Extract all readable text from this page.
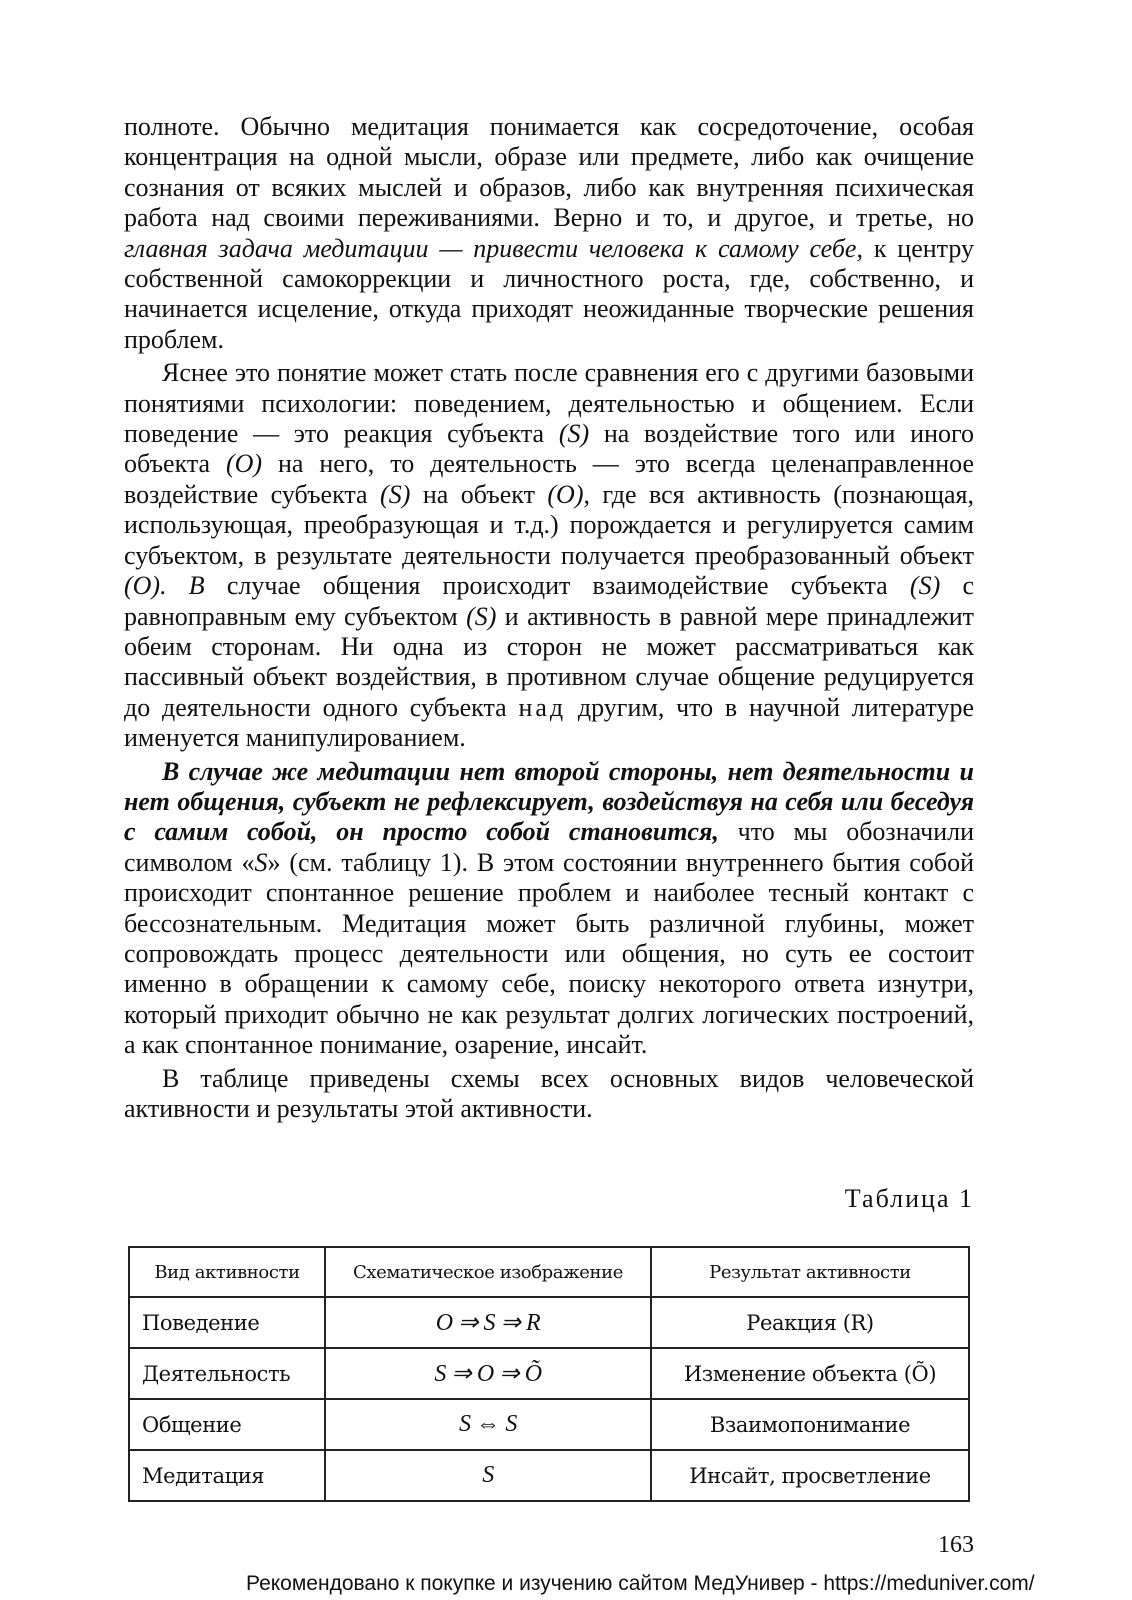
полноте. Обычно медитация понимается как сосредоточение, особая концентрация на одной мысли, образе или предмете, либо как очищение сознания от всяких мыслей и образов, либо как внутренняя психическая работа над своими переживаниями. Верно и то, и другое, и третье, но главная задача медитации — привести человека к самому себе, к центру собственной самокоррекции и личностного роста, где, собственно, и начинается исцеление, откуда приходят неожиданные творческие решения проблем.

Яснее это понятие может стать после сравнения его с другими базовыми понятиями психологии: поведением, деятельностью и общением. Если поведение — это реакция субъекта (S) на воздействие того или иного объекта (O) на него, то деятельность — это всегда целенаправленное воздействие субъекта (S) на объект (O), где вся активность (познающая, использующая, преобразующая и т.д.) порождается и регулируется самим субъектом, в результате деятельности получается преобразованный объект (O). В случае общения происходит взаимодействие субъекта (S) с равноправным ему субъектом (S) и активность в равной мере принадлежит обеим сторонам. Ни одна из сторон не может рассматриваться как пассивный объект воздействия, в противном случае общение редуцируется до деятельности одного субъекта над другим, что в научной литературе именуется манипулированием.

В случае же медитации нет второй стороны, нет деятельности и нет общения, субъект не рефлексирует, воздействуя на себя или беседуя с самим собой, он просто собой становится, что мы обозначили символом «S» (см. таблицу 1). В этом состоянии внутреннего бытия собой происходит спонтанное решение проблем и наиболее тесный контакт с бессознательным. Медитация может быть различной глубины, может сопровождать процесс деятельности или общения, но суть ее состоит именно в обращении к самому себе, поиску некоторого ответа изнутри, который приходит обычно не как результат долгих логических построений, а как спонтанное понимание, озарение, инсайт.

В таблице приведены схемы всех основных видов человеческой активности и результаты этой активности.

Таблица 1
Вид активности	Схематическое изображение	Результат активности
Поведение	O ⇒ S ⇒ R	Реакция (R)
Деятельность	S ⇒ O ⇒ Õ	Изменение объекта (Õ)
Общение	S ⇔ S	Взаимопонимание
Медитация	S	Инсайт, просветление
163
Рекомендовано к покупке и изучению сайтом МедУнивер - https://meduniver.com/
